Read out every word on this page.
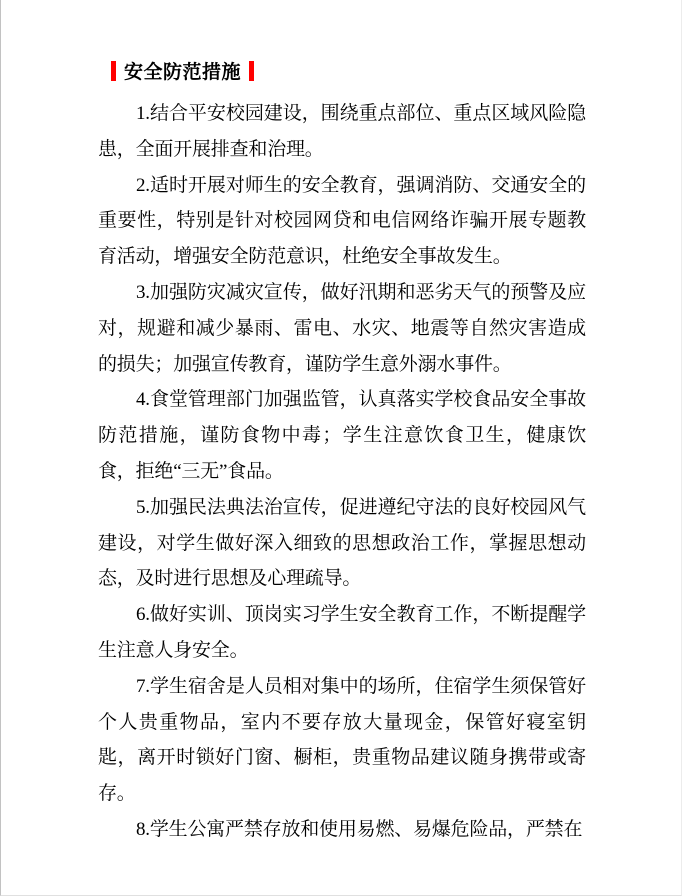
安全防范措施

1.结合平安校园建设，围绕重点部位、重点区域风险隐患，全面开展排查和治理。

2.适时开展对师生的安全教育，强调消防、交通安全的重要性，特别是针对校园网贷和电信网络诈骗开展专题教育活动，增强安全防范意识，杜绝安全事故发生。

3.加强防灾减灾宣传，做好汛期和恶劣天气的预警及应对，规避和减少暴雨、雷电、水灾、地震等自然灾害造成的损失；加强宣传教育，谨防学生意外溺水事件。

4.食堂管理部门加强监管，认真落实学校食品安全事故防范措施，谨防食物中毒；学生注意饮食卫生，健康饮食，拒绝“三无”食品。

5.加强民法典法治宣传，促进遵纪守法的良好校园风气建设，对学生做好深入细致的思想政治工作，掌握思想动态，及时进行思想及心理疏导。

6.做好实训、顶岗实习学生安全教育工作，不断提醒学生注意人身安全。

7.学生宿舍是人员相对集中的场所，住宿学生须保管好个人贵重物品，室内不要存放大量现金，保管好寝室钥匙，离开时锁好门窗、橱柜，贵重物品建议随身携带或寄存。

8.学生公寓严禁存放和使用易燃、易爆危险品，严禁在
